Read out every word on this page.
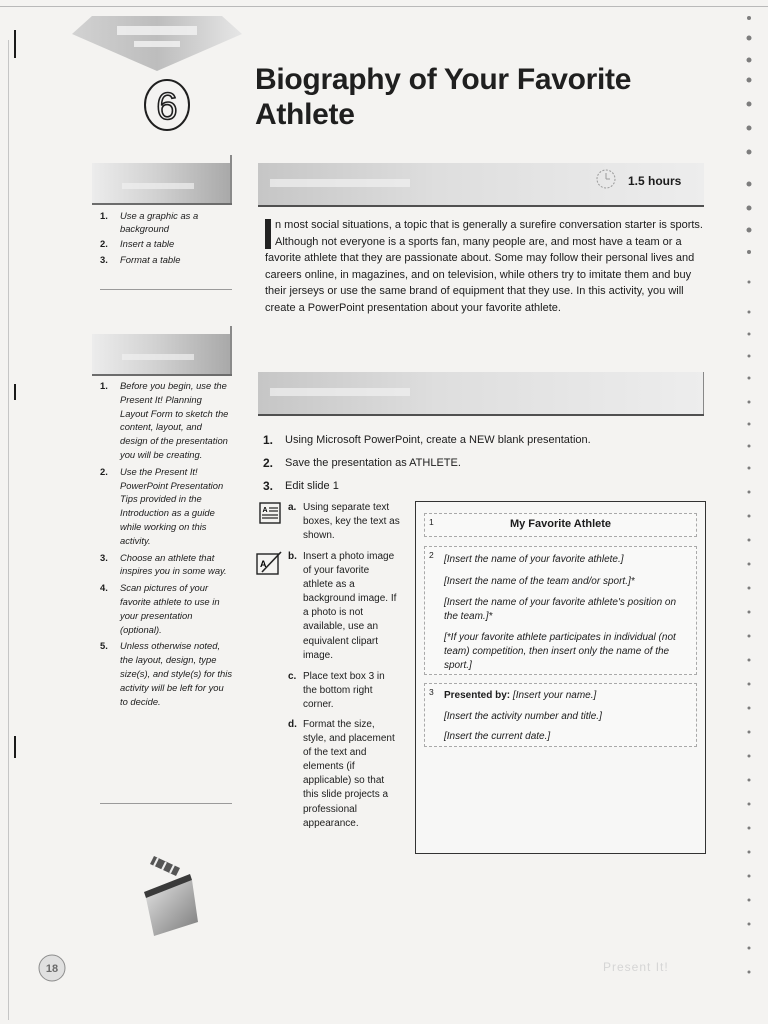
6
Biography of Your Favorite
Athlete
1. Use a graphic as a background
2. Insert a table
3. Format a table
1. Before you begin, use the Present It! Planning Layout Form to sketch the content, layout, and design of the presentation you will be creating.
2. Use the Present It! PowerPoint Presentation Tips provided in the Introduction as a guide while working on this activity.
3. Choose an athlete that inspires you in some way.
4. Scan pictures of your favorite athlete to use in your presentation (optional).
5. Unless otherwise noted, the layout, design, type size(s), and style(s) for this activity will be left for you to decide.
1.5 hours
n most social situations, a topic that is generally a surefire conversation starter is sports. Although not everyone is a sports fan, many people are, and most have a team or a favorite athlete that they are passionate about. Some may follow their personal lives and careers online, in magazines, and on television, while others try to imitate them and buy their jerseys or use the same brand of equipment that they use. In this activity, you will create a PowerPoint presentation about your favorite athlete.
1. Using Microsoft PowerPoint, create a NEW blank presentation.
2. Save the presentation as ATHLETE.
3. Edit slide 1
A
A
a. Using separate text boxes, key the text as shown.
b. Insert a photo image of your favorite athlete as a background image. If a photo is not available, use an equivalent clipart image.
c. Place text box 3 in the bottom right corner.
d. Format the size, style, and placement of the text and elements (if applicable) so that this slide projects a professional appearance.
1	My Favorite Athlete
2	[Insert the name of your favorite athlete.]

[Insert the name of the team and/or sport.]*

[Insert the name of your favorite athlete's position on the team.]*

[*If your favorite athlete participates in individual (not team) competition, then insert only the name of the sport.]

3	Presented by: [Insert your name.]

[Insert the activity number and title.]

[Insert the current date.]

18	Present It!
